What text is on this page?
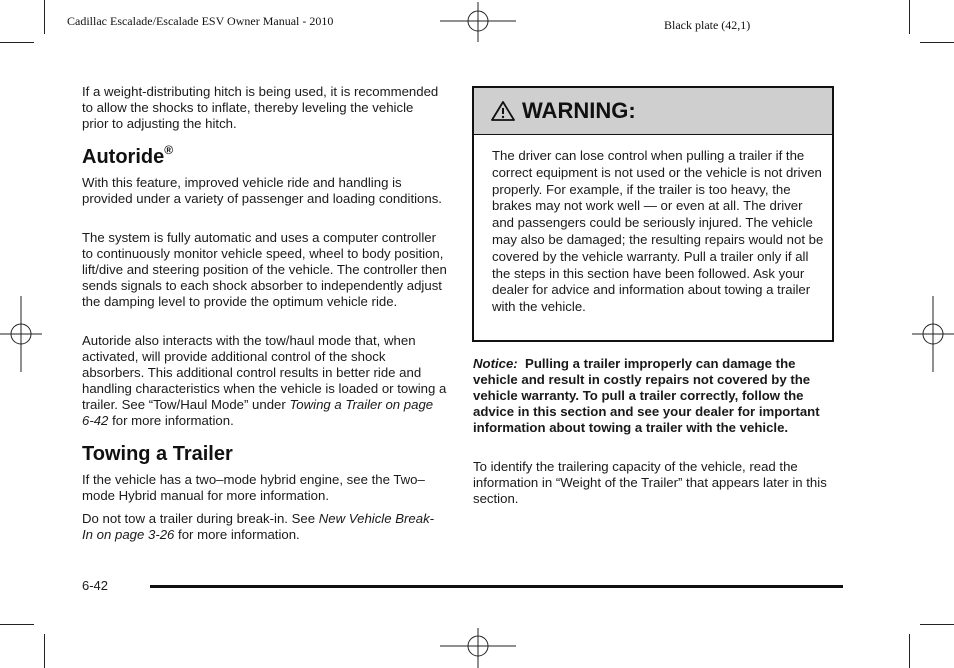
Cadillac Escalade/Escalade ESV Owner Manual - 2010	Black plate (42,1)

If a weight-distributing hitch is being used, it is recommended to allow the shocks to inflate, thereby leveling the vehicle prior to adjusting the hitch.

Autoride®

With this feature, improved vehicle ride and handling is provided under a variety of passenger and loading conditions.

The system is fully automatic and uses a computer controller to continuously monitor vehicle speed, wheel to body position, lift/dive and steering position of the vehicle. The controller then sends signals to each shock absorber to independently adjust the damping level to provide the optimum vehicle ride.

Autoride also interacts with the tow/haul mode that, when activated, will provide additional control of the shock absorbers. This additional control results in better ride and handling characteristics when the vehicle is loaded or towing a trailer. See “Tow/Haul Mode” under Towing a Trailer on page 6-42 for more information.

Towing a Trailer

If the vehicle has a two–mode hybrid engine, see the Two–mode Hybrid manual for more information.

Do not tow a trailer during break-in. See New Vehicle Break-In on page 3-26 for more information.

WARNING:

The driver can lose control when pulling a trailer if the correct equipment is not used or the vehicle is not driven properly. For example, if the trailer is too heavy, the brakes may not work well — or even at all. The driver and passengers could be seriously injured. The vehicle may also be damaged; the resulting repairs would not be covered by the vehicle warranty. Pull a trailer only if all the steps in this section have been followed. Ask your dealer for advice and information about towing a trailer with the vehicle.

Notice: Pulling a trailer improperly can damage the vehicle and result in costly repairs not covered by the vehicle warranty. To pull a trailer correctly, follow the advice in this section and see your dealer for important information about towing a trailer with the vehicle.

To identify the trailering capacity of the vehicle, read the information in “Weight of the Trailer” that appears later in this section.

6-42
